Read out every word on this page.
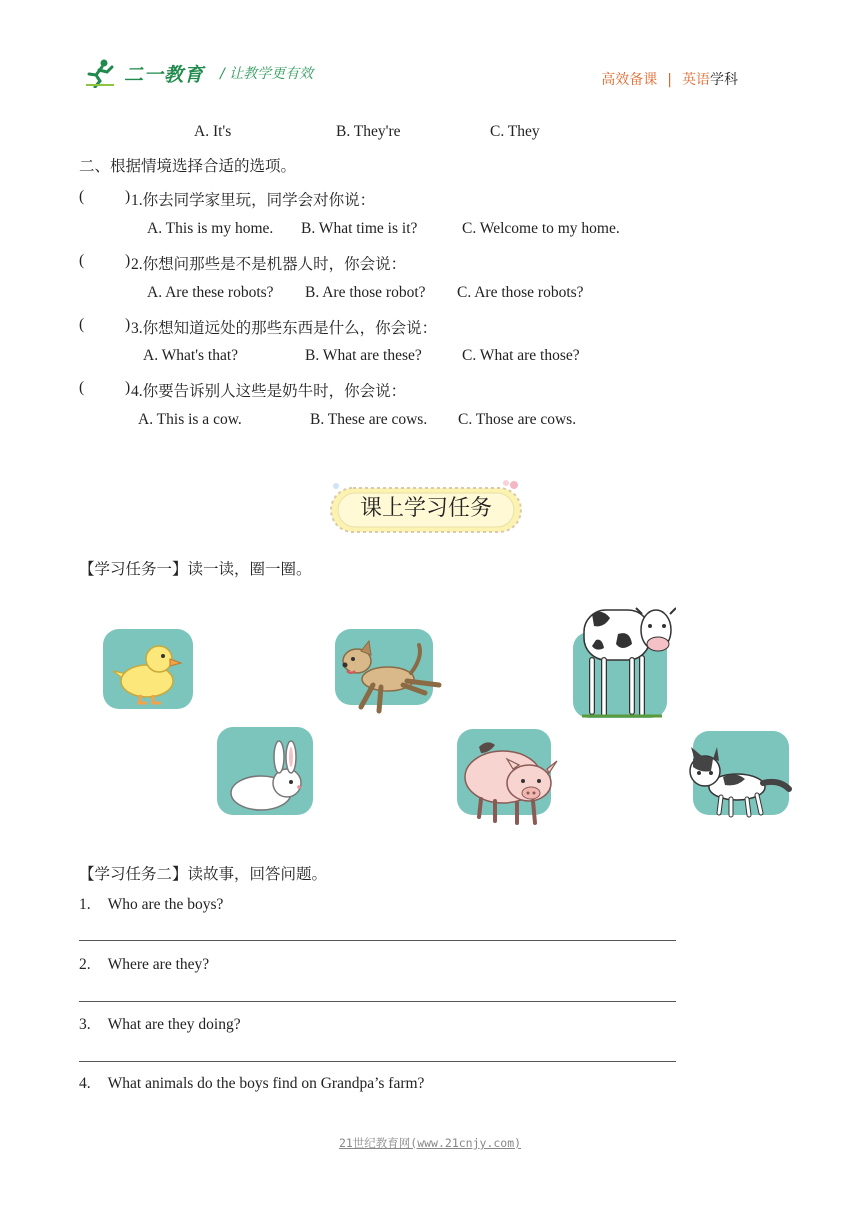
二一教育 / 让教学更有效	高效备课 | 英语学科
A. It's	B. They're	C. They
二、根据情境选择合适的选项。
(	) 1.你去同学家里玩，同学会对你说：
A. This is my home. B. What time is it?	C. Welcome to my home.
(	) 2.你想问那些是不是机器人时，你会说：
A. Are these robots? B. Are those robot? C. Are those robots?
(	) 3.你想知道远处的那些东西是什么，你会说：
A. What's that?	B. What are these?	C. What are those?
(	) 4.你要告诉别人这些是奶牛时，你会说：
A. This is a cow.	B. These are cows. C. Those are cows.
课上学习任务
【学习任务一】读一读，圈一圈。
【学习任务二】读故事，回答问题。
1. Who are the boys?
2. Where are they?
3. What are they doing?
4. What animals do the boys find on Grandpa’s farm?
21世纪教育网(www.21cnjy.com)
